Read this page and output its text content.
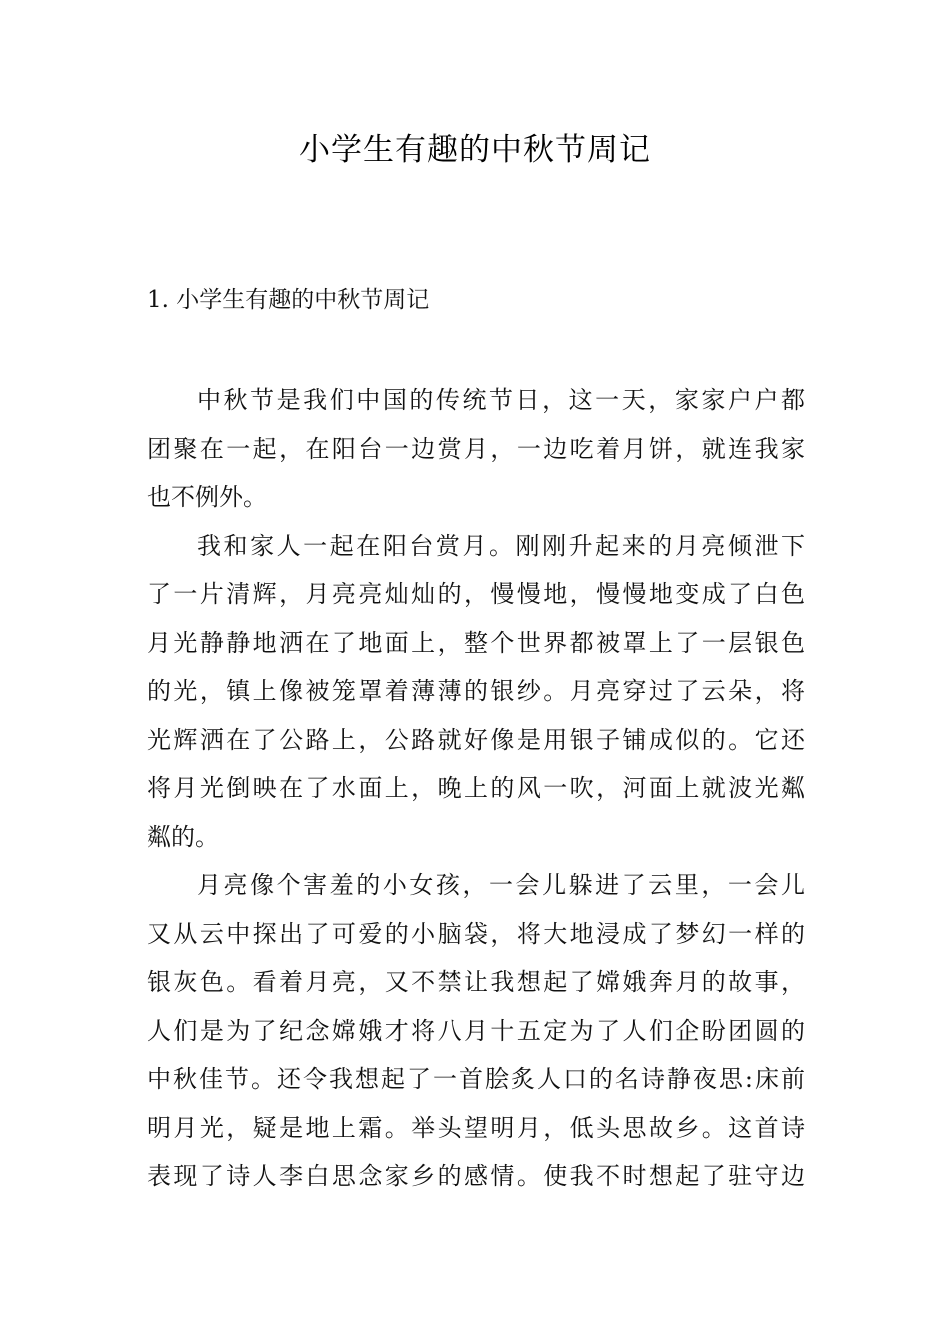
小学生有趣的中秋节周记
1. 小学生有趣的中秋节周记
中秋节是我们中国的传统节日，这一天，家家户户都
团聚在一起，在阳台一边赏月，一边吃着月饼，就连我家
也不例外。
我和家人一起在阳台赏月。刚刚升起来的月亮倾泄下
了一片清辉，月亮亮灿灿的，慢慢地，慢慢地变成了白色
月光静静地洒在了地面上，整个世界都被罩上了一层银色
的光，镇上像被笼罩着薄薄的银纱。月亮穿过了云朵，将
光辉洒在了公路上，公路就好像是用银子铺成似的。它还
将月光倒映在了水面上，晚上的风一吹，河面上就波光粼
粼的。
月亮像个害羞的小女孩，一会儿躲进了云里，一会儿
又从云中探出了可爱的小脑袋，将大地浸成了梦幻一样的
银灰色。看着月亮，又不禁让我想起了嫦娥奔月的故事，
人们是为了纪念嫦娥才将八月十五定为了人们企盼团圆的
中秋佳节。还令我想起了一首脍炙人口的名诗静夜思:床前
明月光，疑是地上霜。举头望明月，低头思故乡。这首诗
表现了诗人李白思念家乡的感情。使我不时想起了驻守边
